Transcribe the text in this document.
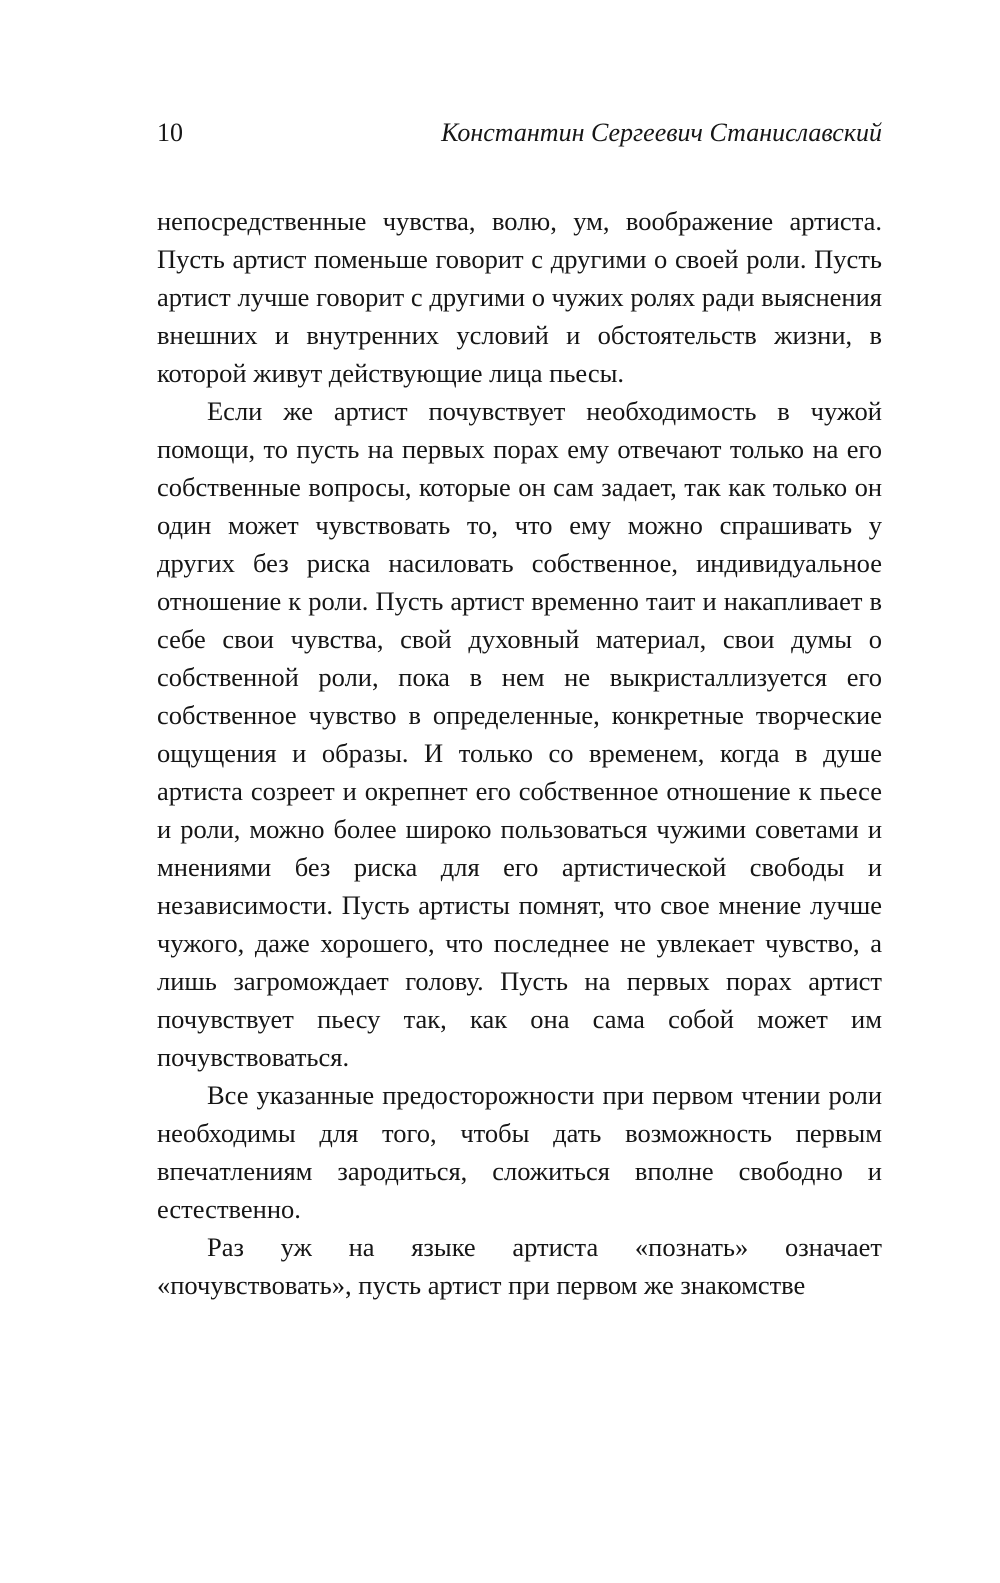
10	Константин Сергеевич Станиславский

непосредственные чувства, волю, ум, воображение артиста. Пусть артист поменьше говорит с другими о своей роли. Пусть артист лучше говорит с другими о чужих ролях ради выяснения внешних и внутренних условий и обстоятельств жизни, в которой живут действующие лица пьесы.

Если же артист почувствует необходимость в чужой помощи, то пусть на первых порах ему отвечают только на его собственные вопросы, которые он сам задает, так как только он один может чувствовать то, что ему можно спрашивать у других без риска насиловать собственное, индивидуальное отношение к роли. Пусть артист временно таит и накапливает в себе свои чувства, свой духовный материал, свои думы о собственной роли, пока в нем не выкристаллизуется его собственное чувство в определенные, конкретные творческие ощущения и образы. И только со временем, когда в душе артиста созреет и окрепнет его собственное отношение к пьесе и роли, можно более широко пользоваться чужими советами и мнениями без риска для его артистической свободы и независимости. Пусть артисты помнят, что свое мнение лучше чужого, даже хорошего, что последнее не увлекает чувство, а лишь загромождает голову. Пусть на первых порах артист почувствует пьесу так, как она сама собой может им почувствоваться.

Все указанные предосторожности при первом чтении роли необходимы для того, чтобы дать возможность первым впечатлениям зародиться, сложиться вполне свободно и естественно.

Раз уж на языке артиста «познать» означает «почувствовать», пусть артист при первом же знакомстве
